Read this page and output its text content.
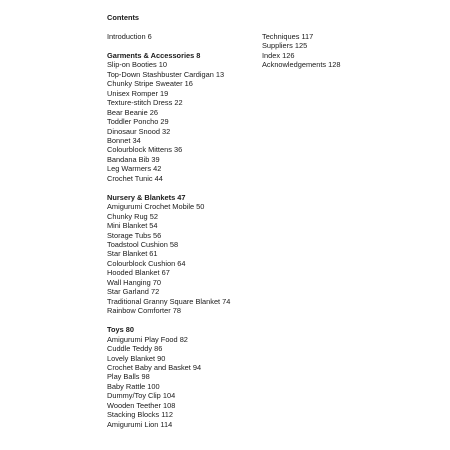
Contents
Introduction 6
Garments & Accessories 8
Slip-on Booties 10
Top-Down Stashbuster Cardigan 13
Chunky Stripe Sweater 16
Unisex Romper 19
Texture-stitch Dress 22
Bear Beanie 26
Toddler Poncho 29
Dinosaur Snood 32
Bonnet 34
Colourblock Mittens 36
Bandana Bib 39
Leg Warmers 42
Crochet Tunic 44
Nursery & Blankets 47
Amigurumi Crochet Mobile 50
Chunky Rug 52
Mini Blanket 54
Storage Tubs 56
Toadstool Cushion 58
Star Blanket 61
Colourblock Cushion 64
Hooded Blanket 67
Wall Hanging 70
Star Garland 72
Traditional Granny Square Blanket 74
Rainbow Comforter 78
Toys 80
Amigurumi Play Food 82
Cuddle Teddy 86
Lovely Blanket 90
Crochet Baby and Basket 94
Play Balls 98
Baby Rattle 100
Dummy/Toy Clip 104
Wooden Teether 108
Stacking Blocks 112
Amigurumi Lion 114
Techniques 117
Suppliers 125
Index 126
Acknowledgements 128
